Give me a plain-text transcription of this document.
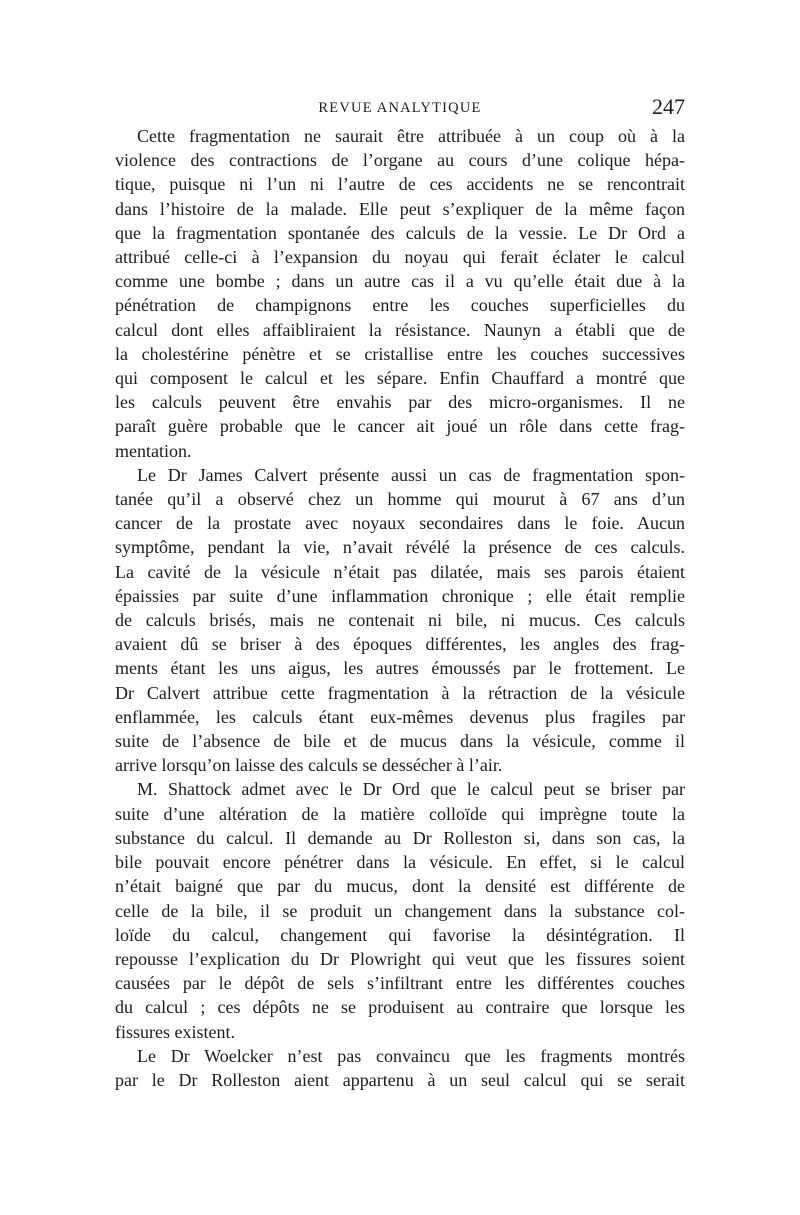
REVUE ANALYTIQUE	247

Cette fragmentation ne saurait être attribuée à un coup où à la
violence des contractions de l’organe au cours d’une colique hépa-
tique, puisque ni l’un ni l’autre de ces accidents ne se rencontrait
dans l’histoire de la malade. Elle peut s’expliquer de la même façon
que la fragmentation spontanée des calculs de la vessie. Le Dr Ord a
attribué celle-ci à l’expansion du noyau qui ferait éclater le calcul
comme une bombe ; dans un autre cas il a vu qu’elle était due à la
pénétration de champignons entre les couches superficielles du
calcul dont elles affaibliraient la résistance. Naunyn a établi que de
la cholestérine pénètre et se cristallise entre les couches successives
qui composent le calcul et les sépare. Enfin Chauffard a montré que
les calculs peuvent être envahis par des micro-organismes. Il ne
paraît guère probable que le cancer ait joué un rôle dans cette frag-
mentation.

Le Dr James Calvert présente aussi un cas de fragmentation spon-
tanée qu’il a observé chez un homme qui mourut à 67 ans d’un
cancer de la prostate avec noyaux secondaires dans le foie. Aucun
symptôme, pendant la vie, n’avait révélé la présence de ces calculs.
La cavité de la vésicule n’était pas dilatée, mais ses parois étaient
épaissies par suite d’une inflammation chronique ; elle était remplie
de calculs brisés, mais ne contenait ni bile, ni mucus. Ces calculs
avaient dû se briser à des époques différentes, les angles des frag-
ments étant les uns aigus, les autres émoussés par le frottement. Le
Dr Calvert attribue cette fragmentation à la rétraction de la vésicule
enflammée, les calculs étant eux-mêmes devenus plus fragiles par
suite de l’absence de bile et de mucus dans la vésicule, comme il
arrive lorsqu’on laisse des calculs se dessécher à l’air.

M. Shattock admet avec le Dr Ord que le calcul peut se briser par
suite d’une altération de la matière colloïde qui imprègne toute la
substance du calcul. Il demande au Dr Rolleston si, dans son cas, la
bile pouvait encore pénétrer dans la vésicule. En effet, si le calcul
n’était baigné que par du mucus, dont la densité est différente de
celle de la bile, il se produit un changement dans la substance col-
loïde du calcul, changement qui favorise la désintégration. Il
repousse l’explication du Dr Plowright qui veut que les fissures soient
causées par le dépôt de sels s’infiltrant entre les différentes couches
du calcul ; ces dépôts ne se produisent au contraire que lorsque les
fissures existent.

Le Dr Woelcker n’est pas convaincu que les fragments montrés
par le Dr Rolleston aient appartenu à un seul calcul qui se serait
